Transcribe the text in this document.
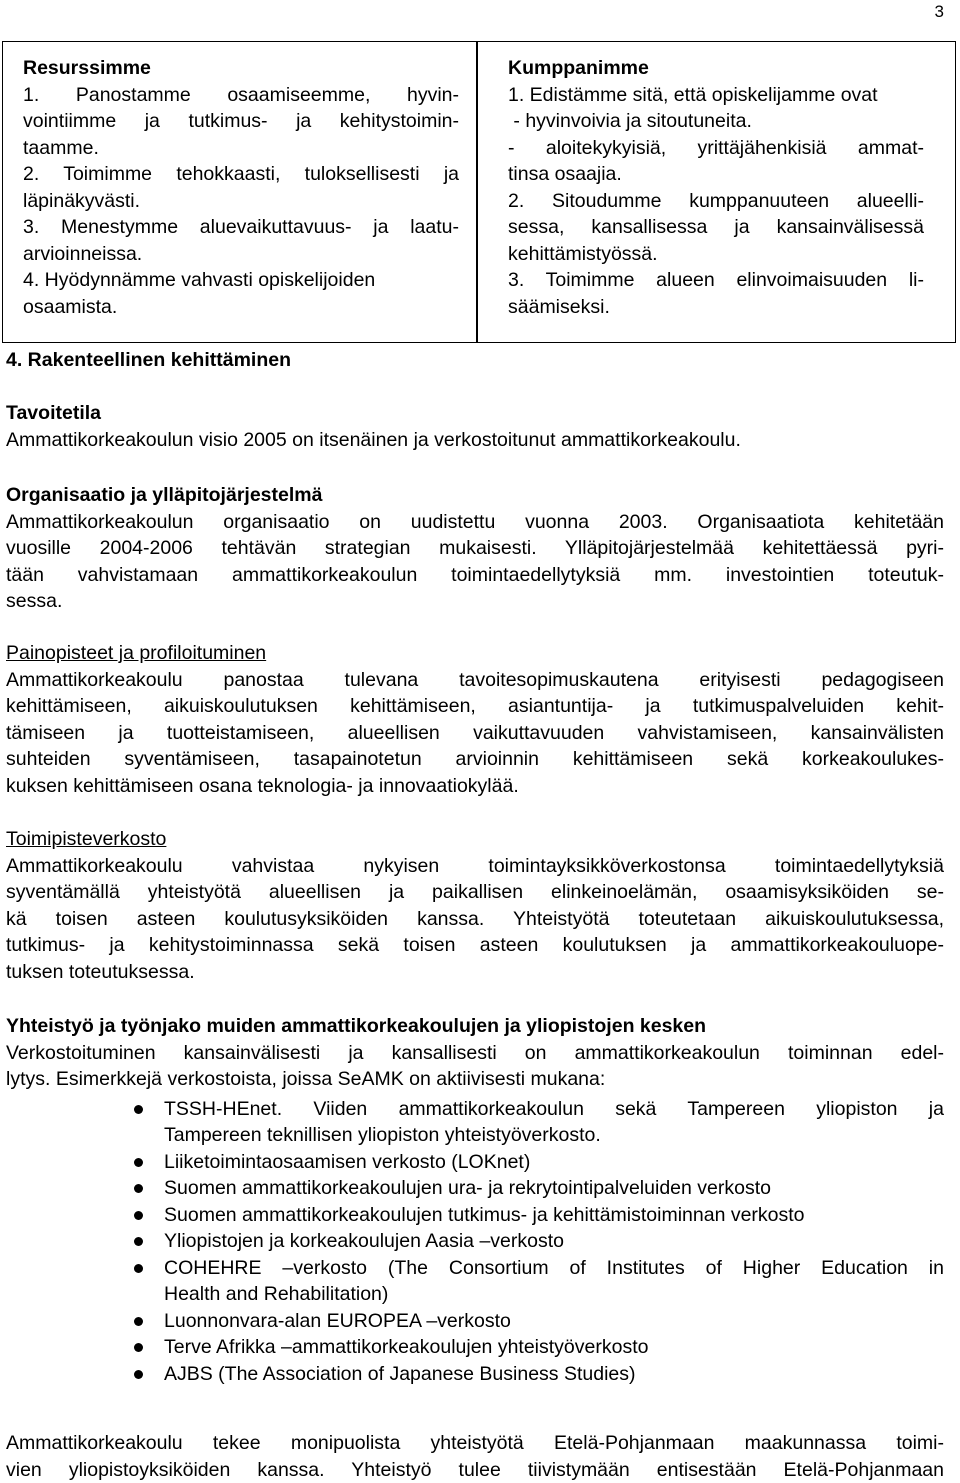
3
Resurssimme
1. Panostamme osaamiseemme, hyvin-
vointiimme ja tutkimus- ja kehitystoimin-
taamme.
2. Toimimme tehokkaasti, tuloksellisesti ja
läpinäkyvästi.
3. Menestymme aluevaikuttavuus- ja laatu-
arvioinneissa.
4. Hyödynnämme vahvasti opiskelijoiden
osaamista.
Kumppanimme
1. Edistämme sitä, että opiskelijamme ovat
- hyvinvoivia ja sitoutuneita.
- aloitekykyisiä, yrittäjähenkisiä ammat-
tinsa osaajia.
2. Sitoudumme kumppanuuteen alueelli-
sessa, kansallisessa ja kansainvälisessä
kehittämistyössä.
3. Toimimme alueen elinvoimaisuuden li-
säämiseksi.
4. Rakenteellinen kehittäminen
Tavoitetila
Ammattikorkeakoulun visio 2005 on itsenäinen ja verkostoitunut ammattikorkeakoulu.
Organisaatio ja ylläpitojärjestelmä
Ammattikorkeakoulun organisaatio on uudistettu vuonna 2003. Organisaatiota kehitetään
vuosille 2004-2006 tehtävän strategian mukaisesti. Ylläpitojärjestelmää kehitettäessä pyri-
tään vahvistamaan ammattikorkeakoulun toimintaedellytyksiä mm. investointien toteutuk-
sessa.
Painopisteet ja profiloituminen
Ammattikorkeakoulu panostaa tulevana tavoitesopimuskautena erityisesti pedagogiseen
kehittämiseen, aikuiskoulutuksen kehittämiseen, asiantuntija- ja tutkimuspalveluiden kehit-
tämiseen ja tuotteistamiseen, alueellisen vaikuttavuuden vahvistamiseen, kansainvälisten
suhteiden syventämiseen, tasapainotetun arvioinnin kehittämiseen sekä korkeakoulukes-
kuksen kehittämiseen osana teknologia- ja innovaatiokylää.
Toimipisteverkosto
Ammattikorkeakoulu vahvistaa nykyisen toimintayksikköverkostonsa toimintaedellytyksiä
syventämällä yhteistyötä alueellisen ja paikallisen elinkeinoelämän, osaamisyksiköiden se-
kä toisen asteen koulutusyksiköiden kanssa. Yhteistyötä toteutetaan aikuiskoulutuksessa,
tutkimus- ja kehitystoiminnassa sekä toisen asteen koulutuksen ja ammattikorkeakouluope-
tuksen toteutuksessa.
Yhteistyö ja työnjako muiden ammattikorkeakoulujen ja yliopistojen kesken
Verkostoituminen kansainvälisesti ja kansallisesti on ammattikorkeakoulun toiminnan edel-
lytys. Esimerkkejä verkostoista, joissa SeAMK on aktiivisesti mukana:
TSSH-HEnet. Viiden ammattikorkeakoulun sekä Tampereen yliopiston ja
Tampereen teknillisen yliopiston yhteistyöverkosto.
Liiketoimintaosaamisen verkosto (LOKnet)
Suomen ammattikorkeakoulujen ura- ja rekrytointipalveluiden verkosto
Suomen ammattikorkeakoulujen tutkimus- ja kehittämistoiminnan verkosto
Yliopistojen ja korkeakoulujen Aasia –verkosto
COHEHRE –verkosto (The Consortium of Institutes of Higher Education in
Health and Rehabilitation)
Luonnonvara-alan EUROPEA –verkosto
Terve Afrikka –ammattikorkeakoulujen yhteistyöverkosto
AJBS (The Association of Japanese Business Studies)
Ammattikorkeakoulu tekee monipuolista yhteistyötä Etelä-Pohjanmaan maakunnassa toimi-
vien yliopistoyksiköiden kanssa. Yhteistyö tulee tiivistymään entisestään Etelä-Pohjanmaan
